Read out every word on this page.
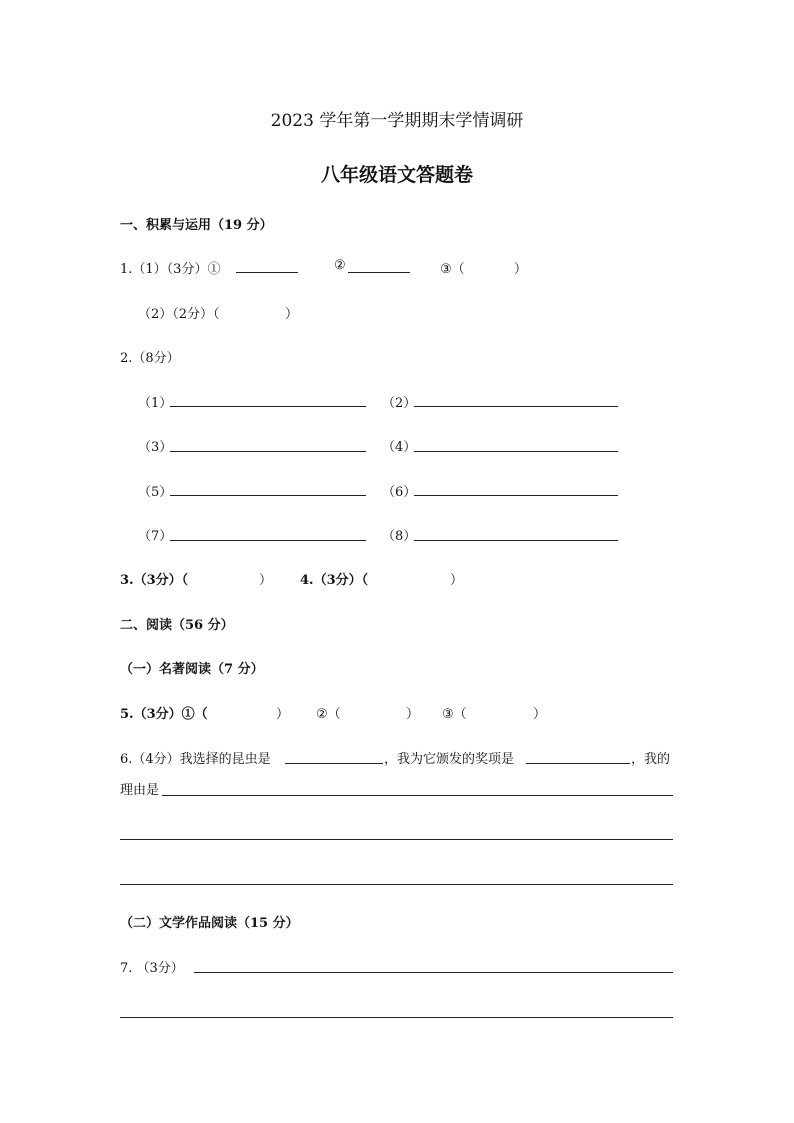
2023 学年第一学期期末学情调研
八年级语文答题卷
一、积累与运用（19 分）
1.（1）（3分）①	②	③（	）
（2）（2分）（	）
2.（8分）
（1）	（2）
（3）	（4）
（5）	（6）
（7）	（8）
3.（3分）（	） 4.（3分）（	）
二、阅读（56 分）
（一）名著阅读（7 分）
5.（3分）①（	） ②（	） ③（	）
6.（4分）我选择的昆虫是	，我为它颁发的奖项是	，我的
理由是
（二）文学作品阅读（15 分）
7. （3分）
